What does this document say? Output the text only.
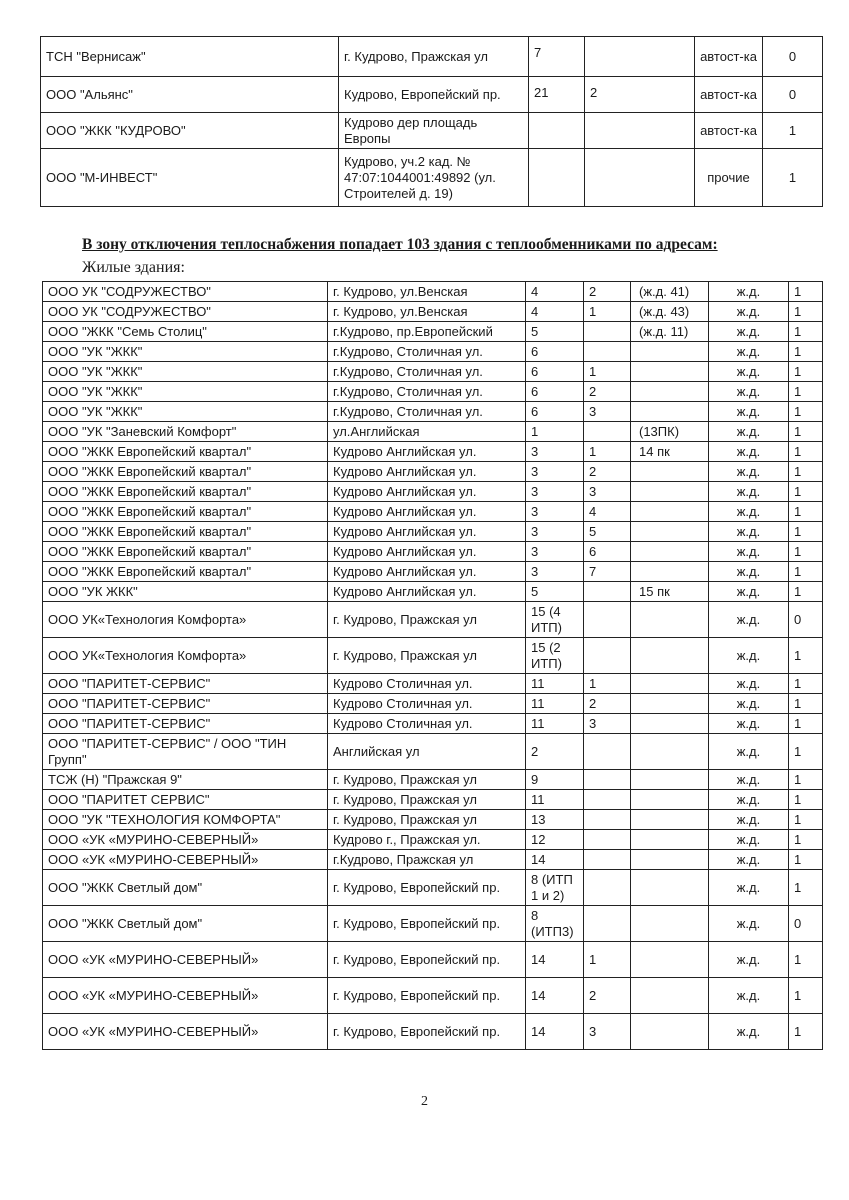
ТСН "Вернисаж"	г. Кудрово, Пражская ул	7		автост-ка	0
ООО "Альянс"	Кудрово, Европейский пр.	21	2	автост-ка	0
ООО "ЖКК "КУДРОВО"	Кудрово дер площадь Европы			автост-ка	1
ООО "М-ИНВЕСТ"	Кудрово, уч.2 кад. № 47:07:1044001:49892 (ул. Строителей д. 19)			прочие	1
В зону отключения теплоснабжения попадает 103 здания с теплообменниками по адресам:
Жилые здания:
ООО УК "СОДРУЖЕСТВО"	г. Кудрово, ул.Венская	4	2	(ж.д. 41)	ж.д.	1
ООО УК "СОДРУЖЕСТВО"	г. Кудрово, ул.Венская	4	1	(ж.д. 43)	ж.д.	1
ООО "ЖКК "Семь Столиц"	г.Кудрово, пр.Европейский	5		(ж.д. 11)	ж.д.	1
ООО "УК "ЖКК"	г.Кудрово, Столичная ул.	6			ж.д.	1
ООО "УК "ЖКК"	г.Кудрово, Столичная ул.	6	1		ж.д.	1
ООО "УК "ЖКК"	г.Кудрово, Столичная ул.	6	2		ж.д.	1
ООО "УК "ЖКК"	г.Кудрово, Столичная ул.	6	3		ж.д.	1
ООО "УК "Заневский Комфорт"	ул.Английская	1		(13ПК)	ж.д.	1
ООО "ЖКК Европейский квартал"	Кудрово Английская ул.	3	1	14 пк	ж.д.	1
ООО "ЖКК Европейский квартал"	Кудрово Английская ул.	3	2		ж.д.	1
ООО "ЖКК Европейский квартал"	Кудрово Английская ул.	3	3		ж.д.	1
ООО "ЖКК Европейский квартал"	Кудрово Английская ул.	3	4		ж.д.	1
ООО "ЖКК Европейский квартал"	Кудрово Английская ул.	3	5		ж.д.	1
ООО "ЖКК Европейский квартал"	Кудрово Английская ул.	3	6		ж.д.	1
ООО "ЖКК Европейский квартал"	Кудрово Английская ул.	3	7		ж.д.	1
ООО "УК ЖКК"	Кудрово Английская ул.	5		15 пк	ж.д.	1
ООО УК«Технология Комфорта»	г. Кудрово, Пражская ул	15 (4 ИТП)			ж.д.	0
ООО УК«Технология Комфорта»	г. Кудрово, Пражская ул	15 (2 ИТП)			ж.д.	1
ООО "ПАРИТЕТ-СЕРВИС"	Кудрово Столичная ул.	11	1		ж.д.	1
ООО "ПАРИТЕТ-СЕРВИС"	Кудрово Столичная ул.	11	2		ж.д.	1
ООО "ПАРИТЕТ-СЕРВИС"	Кудрово Столичная ул.	11	3		ж.д.	1
ООО "ПАРИТЕТ-СЕРВИС" / ООО "ТИН Групп"	Английская ул	2			ж.д.	1
ТСЖ (Н) "Пражская 9"	г. Кудрово, Пражская ул	9			ж.д.	1
ООО "ПАРИТЕТ СЕРВИС"	г. Кудрово, Пражская ул	11			ж.д.	1
ООО "УК "ТЕХНОЛОГИЯ КОМФОРТА"	г. Кудрово, Пражская ул	13			ж.д.	1
ООО «УК «МУРИНО-СЕВЕРНЫЙ»	Кудрово г., Пражская ул.	12			ж.д.	1
ООО «УК «МУРИНО-СЕВЕРНЫЙ»	г.Кудрово, Пражская ул	14			ж.д.	1
ООО "ЖКК Светлый дом"	г. Кудрово, Европейский пр.	8 (ИТП 1 и 2)			ж.д.	1
ООО "ЖКК Светлый дом"	г. Кудрово, Европейский пр.	8 (ИТП3)			ж.д.	0
ООО «УК «МУРИНО-СЕВЕРНЫЙ»	г. Кудрово, Европейский пр.	14	1		ж.д.	1
ООО «УК «МУРИНО-СЕВЕРНЫЙ»	г. Кудрово, Европейский пр.	14	2		ж.д.	1
ООО «УК «МУРИНО-СЕВЕРНЫЙ»	г. Кудрово, Европейский пр.	14	3		ж.д.	1
2
